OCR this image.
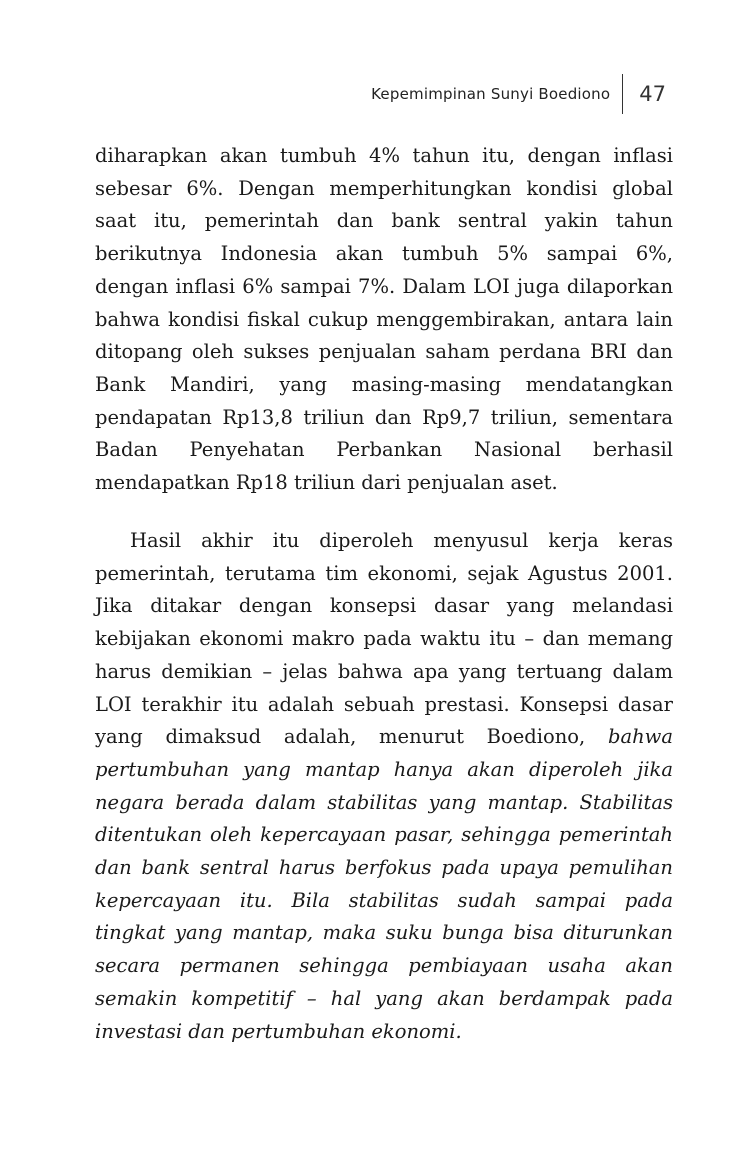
Kepemimpinan Sunyi Boediono 47

diharapkan akan tumbuh 4% tahun itu, dengan inflasi sebesar 6%. Dengan memperhitungkan kondisi global saat itu, pemerintah dan bank sentral yakin tahun berikutnya Indonesia akan tumbuh 5% sampai 6%, dengan inflasi 6% sampai 7%. Dalam LOI juga dilaporkan bahwa kondisi fiskal cukup menggembirakan, antara lain ditopang oleh sukses penjualan saham perdana BRI dan Bank Mandiri, yang masing-masing mendatangkan pendapatan Rp13,8 triliun dan Rp9,7 triliun, sementara Badan Penyehatan Perbankan Nasional berhasil mendapatkan Rp18 triliun dari penjualan aset.

Hasil akhir itu diperoleh menyusul kerja keras pemerintah, terutama tim ekonomi, sejak Agustus 2001. Jika ditakar dengan konsepsi dasar yang melandasi kebijakan ekonomi makro pada waktu itu – dan memang harus demikian – jelas bahwa apa yang tertuang dalam LOI terakhir itu adalah sebuah prestasi. Konsepsi dasar yang dimaksud adalah, menurut Boediono, bahwa pertumbuhan yang mantap hanya akan diperoleh jika negara berada dalam stabilitas yang mantap. Stabilitas ditentukan oleh kepercayaan pasar, sehingga pemerintah dan bank sentral harus berfokus pada upaya pemulihan kepercayaan itu. Bila stabilitas sudah sampai pada tingkat yang mantap, maka suku bunga bisa diturunkan secara permanen sehingga pembiayaan usaha akan semakin kompetitif – hal yang akan berdampak pada investasi dan pertumbuhan ekonomi.
